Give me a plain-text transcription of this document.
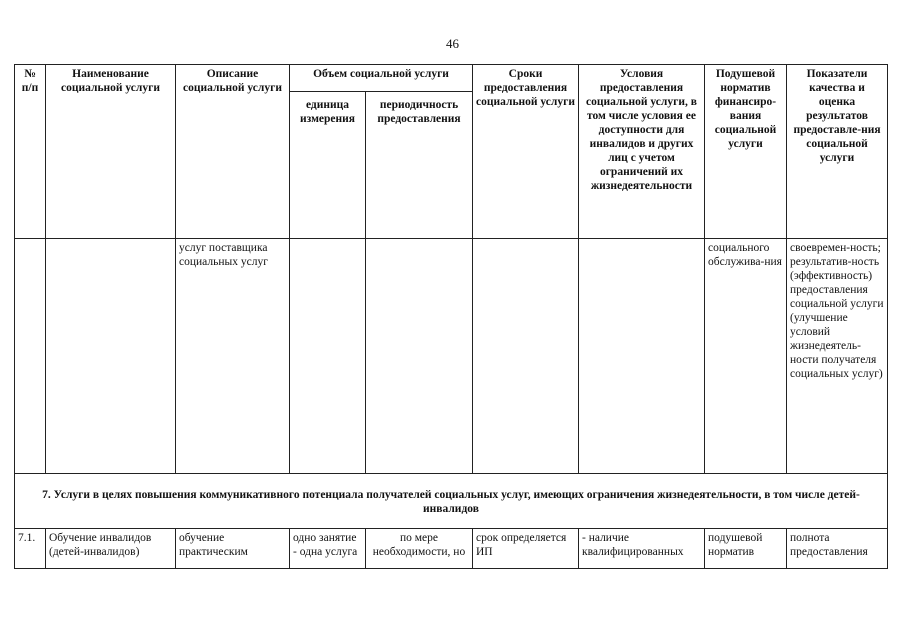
46
№
п/п	Наименование социальной услуги	Описание социальной услуги	Объем социальной услуги		Сроки предоставления социальной услуги	Условия предоставления социальной услуги, в том числе условия ее доступности для инвалидов и других лиц с учетом ограничений их жизнедеятельности	Подушевой норматив финансиро-вания социальной услуги	Показатели качества и оценка результатов предоставле-ния социальной услуги
			единица измерения	периодичность предоставления				
		услуг поставщика социальных услуг					социального обслужива-ния	своевремен-ность; результатив-ность (эффективность) предоставления социальной услуги (улучшение условий жизнедеятель-ности получателя социальных услуг)
7. Услуги в целях повышения коммуникативного потенциала получателей социальных услуг, имеющих ограничения жизнедеятельности, в том числе детей-инвалидов								
7.1.	Обучение инвалидов (детей-инвалидов)	обучение практическим	одно занятие - одна услуга	по мере необходимости, но	срок определяется ИП	- наличие квалифицированных	подушевой норматив	полнота предоставления
